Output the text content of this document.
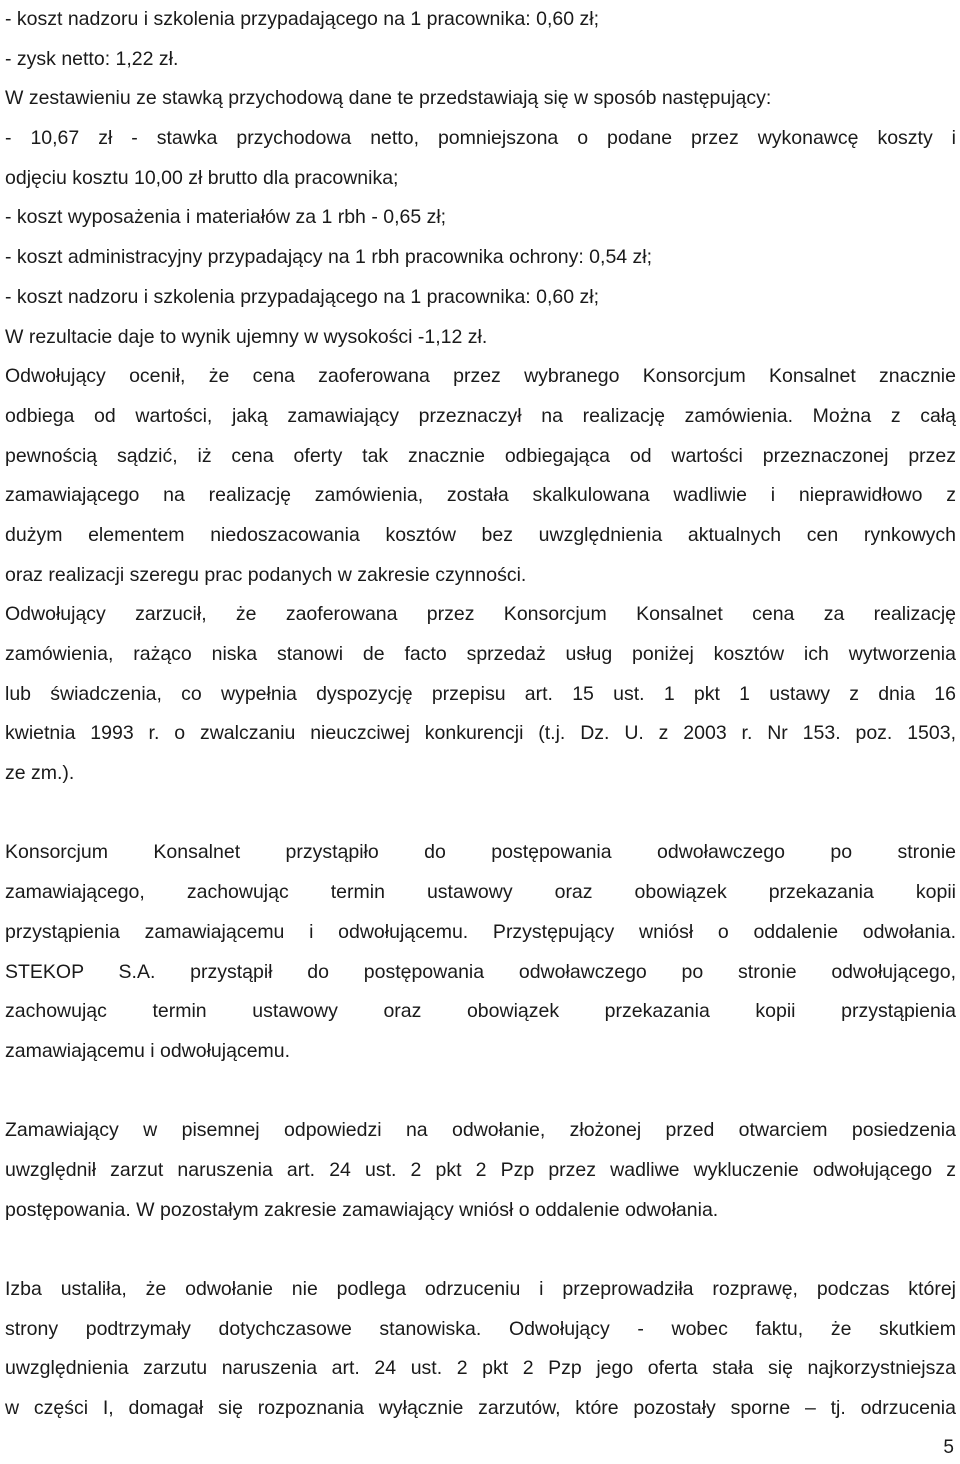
- koszt nadzoru i szkolenia przypadającego na 1 pracownika: 0,60 zł;
- zysk netto: 1,22 zł.
W zestawieniu ze stawką przychodową dane te przedstawiają się w sposób następujący:
- 10,67 zł - stawka przychodowa netto, pomniejszona o podane przez wykonawcę koszty i
odjęciu kosztu 10,00 zł brutto dla pracownika;
- koszt wyposażenia i materiałów za 1 rbh - 0,65 zł;
- koszt administracyjny przypadający na 1 rbh pracownika ochrony: 0,54 zł;
- koszt nadzoru i szkolenia przypadającego na 1 pracownika: 0,60 zł;
W rezultacie daje to wynik ujemny w wysokości -1,12 zł.
Odwołujący ocenił, że cena zaoferowana przez wybranego Konsorcjum Konsalnet znacznie
odbiega od wartości, jaką zamawiający przeznaczył na realizację zamówienia. Można z całą
pewnością sądzić, iż cena oferty tak znacznie odbiegająca od wartości przeznaczonej przez
zamawiającego na realizację zamówienia, została skalkulowana wadliwie i nieprawidłowo z
dużym elementem niedoszacowania kosztów bez uwzględnienia aktualnych cen rynkowych
oraz realizacji szeregu prac podanych w zakresie czynności.
Odwołujący zarzucił, że zaoferowana przez Konsorcjum Konsalnet cena za realizację
zamówienia, rażąco niska stanowi de facto sprzedaż usług poniżej kosztów ich wytworzenia
lub świadczenia, co wypełnia dyspozycję przepisu art. 15 ust. 1 pkt 1 ustawy z dnia 16
kwietnia 1993 r. o zwalczaniu nieuczciwej konkurencji (t.j. Dz. U. z 2003 r. Nr 153. poz. 1503,
ze zm.).
Konsorcjum Konsalnet przystąpiło do postępowania odwoławczego po stronie
zamawiającego, zachowując termin ustawowy oraz obowiązek przekazania kopii
przystąpienia zamawiającemu i odwołującemu. Przystępujący wniósł o oddalenie odwołania.
STEKOP S.A. przystąpił do postępowania odwoławczego po stronie odwołującego,
zachowując termin ustawowy oraz obowiązek przekazania kopii przystąpienia
zamawiającemu i odwołującemu.
Zamawiający w pisemnej odpowiedzi na odwołanie, złożonej przed otwarciem posiedzenia
uwzględnił zarzut naruszenia art. 24 ust. 2 pkt 2 Pzp przez wadliwe wykluczenie odwołującego z
postępowania. W pozostałym zakresie zamawiający wniósł o oddalenie odwołania.
Izba ustaliła, że odwołanie nie podlega odrzuceniu i przeprowadziła rozprawę, podczas której
strony podtrzymały dotychczasowe stanowiska. Odwołujący - wobec faktu, że skutkiem
uwzględnienia zarzutu naruszenia art. 24 ust. 2 pkt 2 Pzp jego oferta stała się najkorzystniejsza
w części I, domagał się rozpoznania wyłącznie zarzutów, które pozostały sporne – tj. odrzucenia
5
